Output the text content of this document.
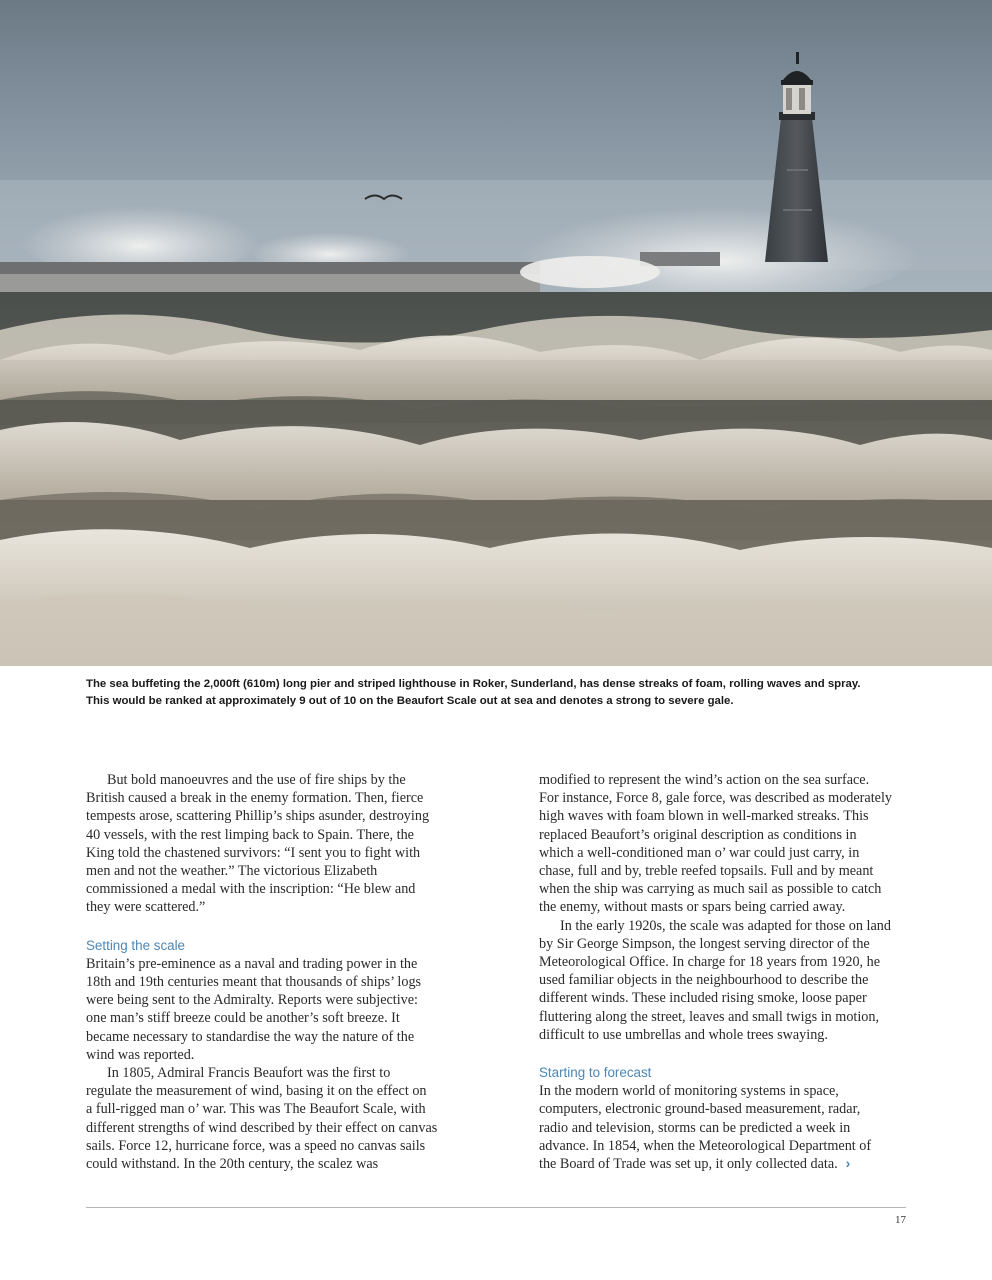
The sea buffeting the 2,000ft (610m) long pier and striped lighthouse in Roker, Sunderland, has dense streaks of foam, rolling waves and spray.

This would be ranked at approximately 9 out of 10 on the Beaufort Scale out at sea and denotes a strong to severe gale.

But bold manoeuvres and the use of fire ships by the

British caused a break in the enemy formation. Then, fierce

tempests arose, scattering Phillip’s ships asunder, destroying

40 vessels, with the rest limping back to Spain. There, the

King told the chastened survivors: “I sent you to fight with

men and not the weather.” The victorious Elizabeth

commissioned a medal with the inscription: “He blew and

they were scattered.”

Setting the scale

Britain’s pre-eminence as a naval and trading power in the

18th and 19th centuries meant that thousands of ships’ logs

were being sent to the Admiralty. Reports were subjective:

one man’s stiff breeze could be another’s soft breeze. It

became necessary to standardise the way the nature of the

wind was reported.

In 1805, Admiral Francis Beaufort was the first to

regulate the measurement of wind, basing it on the effect on

a full-rigged man o’ war. This was The Beaufort Scale, with

different strengths of wind described by their effect on canvas

sails. Force 12, hurricane force, was a speed no canvas sails

could withstand. In the 20th century, the scalez was

modified to represent the wind’s action on the sea surface.

For instance, Force 8, gale force, was described as moderately

high waves with foam blown in well-marked streaks. This

replaced Beaufort’s original description as conditions in

which a well-conditioned man o’ war could just carry, in

chase, full and by, treble reefed topsails. Full and by meant

when the ship was carrying as much sail as possible to catch

the enemy, without masts or spars being carried away.

In the early 1920s, the scale was adapted for those on land

by Sir George Simpson, the longest serving director of the

Meteorological Office. In charge for 18 years from 1920, he

used familiar objects in the neighbourhood to describe the

different winds. These included rising smoke, loose paper

fluttering along the street, leaves and small twigs in motion,

difficult to use umbrellas and whole trees swaying.

Starting to forecast

In the modern world of monitoring systems in space,

computers, electronic ground-based measurement, radar,

radio and television, storms can be predicted a week in

advance. In 1854, when the Meteorological Department of

the Board of Trade was set up, it only collected data. ›

17
